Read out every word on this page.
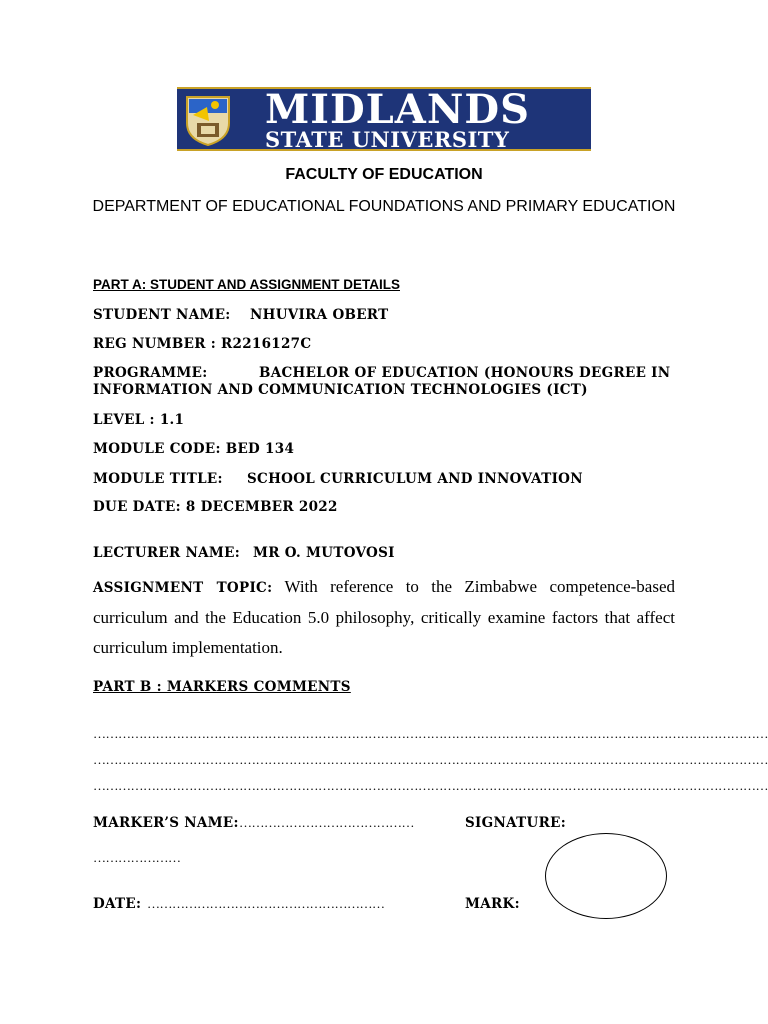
MIDLANDS
STATE UNIVERSITY
FACULTY OF EDUCATION
DEPARTMENT OF EDUCATIONAL FOUNDATIONS AND PRIMARY EDUCATION
PART A: STUDENT AND ASSIGNMENT DETAILS
STUDENT NAME: NHUVIRA OBERT
REG NUMBER : R2216127C
PROGRAMME:	BACHELOR OF EDUCATION (HONOURS DEGREE IN
INFORMATION AND COMMUNICATION TECHNOLOGIES (ICT)
LEVEL : 1.1
MODULE CODE: BED 134
MODULE TITLE: SCHOOL CURRICULUM AND INNOVATION
DUE DATE: 8 DECEMBER 2022
LECTURER NAME: MR O. MUTOVOSI
ASSIGNMENT TOPIC: With reference to the Zimbabwe competence-based curriculum and the Education 5.0 philosophy, critically examine factors that affect curriculum implementation.
PART B : MARKERS COMMENTS
………………………………………………………………………………………………………………………………………………
………………………………………………………………………………………………………………………………………………
………………………………………………………………………………………………………………………………………………
MARKER’S NAME: ……………………………………	SIGNATURE:
…………………
DATE: …………………………………………………	MARK:
